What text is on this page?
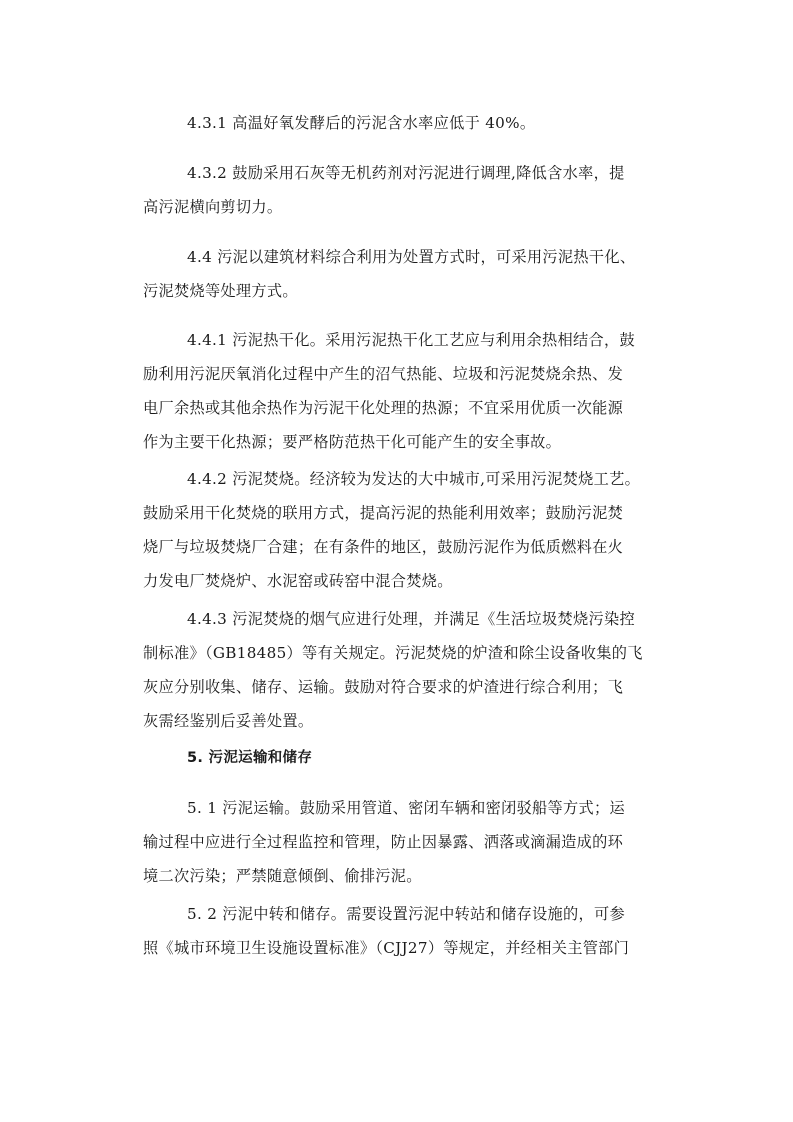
4.3.1 高温好氧发酵后的污泥含水率应低于 40%。
4.3.2 鼓励采用石灰等无机药剂对污泥进行调理,降低含水率，提
高污泥横向剪切力。
4.4 污泥以建筑材料综合利用为处置方式时，可采用污泥热干化、
污泥焚烧等处理方式。
4.4.1 污泥热干化。采用污泥热干化工艺应与利用余热相结合，鼓
励利用污泥厌氧消化过程中产生的沼气热能、垃圾和污泥焚烧余热、发
电厂余热或其他余热作为污泥干化处理的热源；不宜采用优质一次能源
作为主要干化热源；要严格防范热干化可能产生的安全事故。
4.4.2 污泥焚烧。经济较为发达的大中城市,可采用污泥焚烧工艺。
鼓励采用干化焚烧的联用方式，提高污泥的热能利用效率；鼓励污泥焚
烧厂与垃圾焚烧厂合建；在有条件的地区，鼓励污泥作为低质燃料在火
力发电厂焚烧炉、水泥窑或砖窑中混合焚烧。
4.4.3 污泥焚烧的烟气应进行处理，并满足《生活垃圾焚烧污染控
制标准》（GB18485）等有关规定。污泥焚烧的炉渣和除尘设备收集的飞
灰应分别收集、储存、运输。鼓励对符合要求的炉渣进行综合利用；飞
灰需经鉴别后妥善处置。
5. 污泥运输和储存
5. 1 污泥运输。鼓励采用管道、密闭车辆和密闭驳船等方式；运
输过程中应进行全过程监控和管理，防止因暴露、洒落或滴漏造成的环
境二次污染；严禁随意倾倒、偷排污泥。
5. 2 污泥中转和储存。需要设置污泥中转站和储存设施的，可参
照《城市环境卫生设施设置标准》（CJJ27）等规定，并经相关主管部门
